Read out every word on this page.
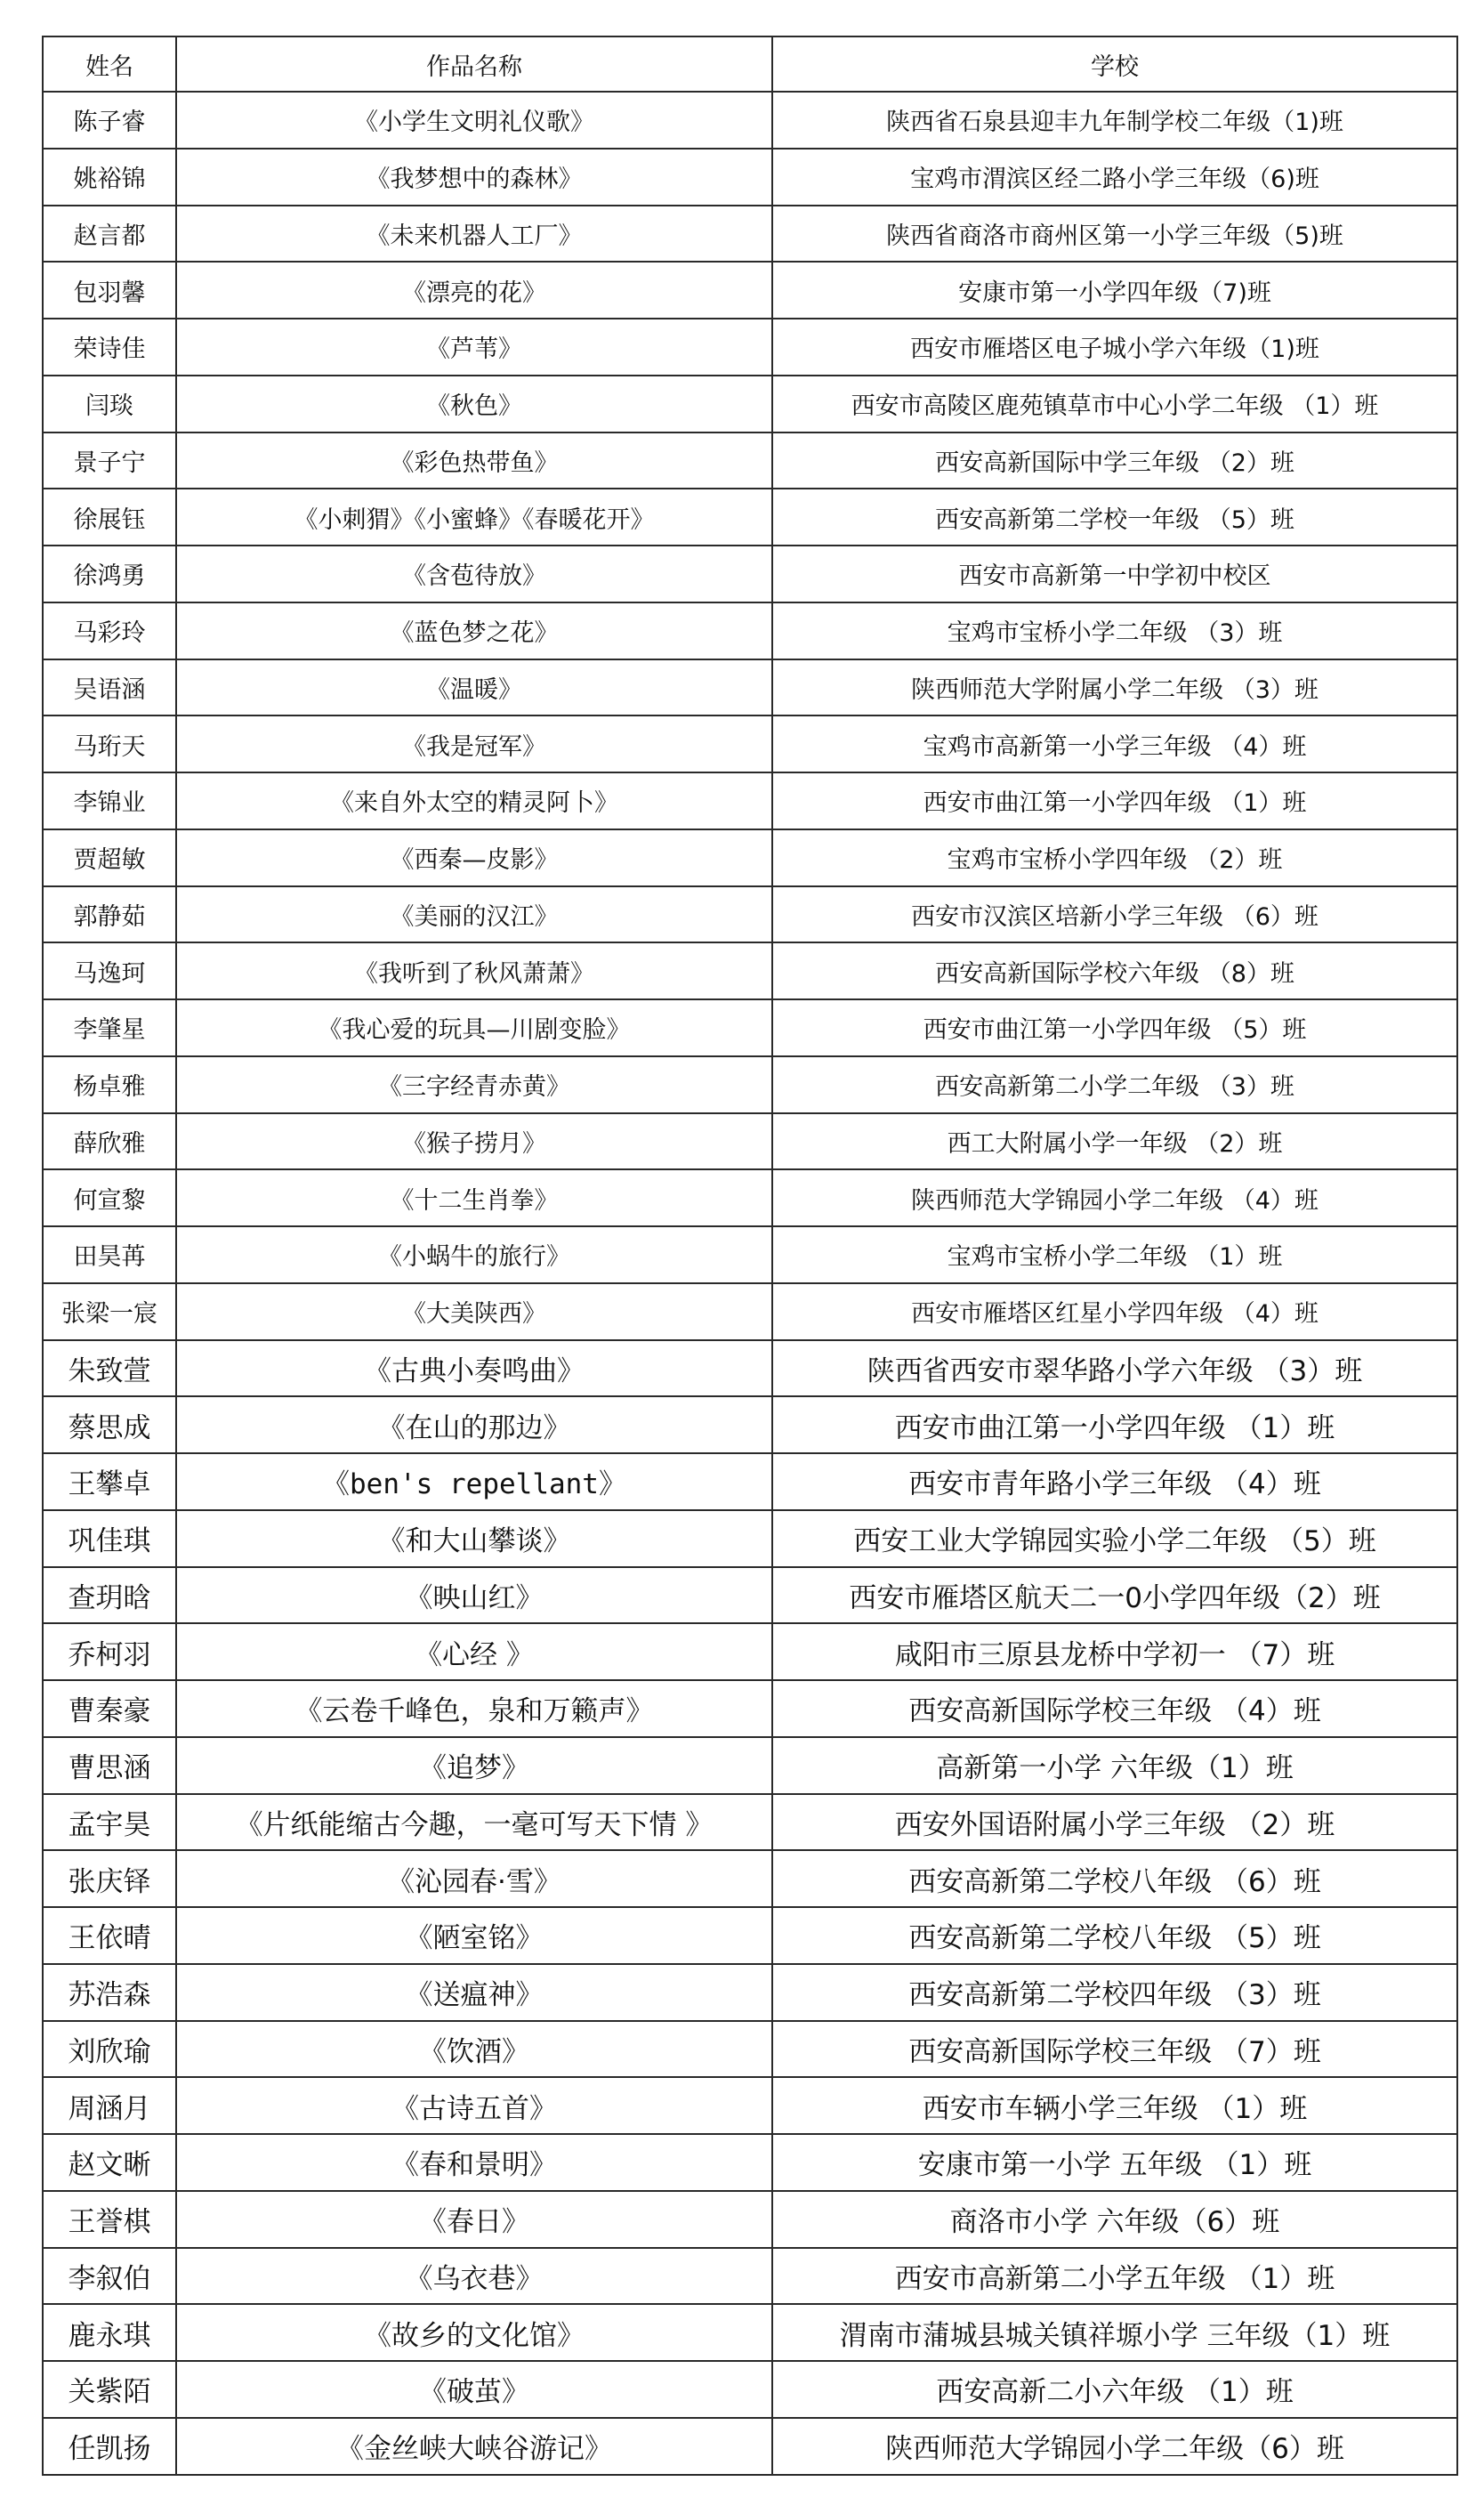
姓名	作品名称	学校
陈子睿	《小学生文明礼仪歌》	陕西省石泉县迎丰九年制学校二年级（1)班
姚裕锦	《我梦想中的森林》	宝鸡市渭滨区经二路小学三年级（6)班
赵言都	《未来机器人工厂》	陕西省商洛市商州区第一小学三年级（5)班
包羽馨	《漂亮的花》	安康市第一小学四年级（7)班
荣诗佳	《芦苇》	西安市雁塔区电子城小学六年级（1)班
闫琰	《秋色》	西安市高陵区鹿苑镇草市中心小学二年级 （1）班
景子宁	《彩色热带鱼》	西安高新国际中学三年级 （2）班
徐展钰	《小刺猬》《小蜜蜂》《春暖花开》	西安高新第二学校一年级 （5）班
徐鸿勇	《含苞待放》	西安市高新第一中学初中校区
马彩玲	《蓝色梦之花》	宝鸡市宝桥小学二年级 （3）班
吴语涵	《温暖》	陕西师范大学附属小学二年级 （3）班
马珩天	《我是冠军》	宝鸡市高新第一小学三年级 （4）班
李锦业	《来自外太空的精灵阿卜》	西安市曲江第一小学四年级 （1）班
贾超敏	《西秦—皮影》	宝鸡市宝桥小学四年级 （2）班
郭静茹	《美丽的汉江》	西安市汉滨区培新小学三年级 （6）班
马逸珂	《我听到了秋风萧萧》	西安高新国际学校六年级 （8）班
李肇星	《我心爱的玩具—川剧变脸》	西安市曲江第一小学四年级 （5）班
杨卓雅	《三字经青赤黄》	西安高新第二小学二年级 （3）班
薛欣雅	《猴子捞月》	西工大附属小学一年级 （2）班
何宣黎	《十二生肖拳》	陕西师范大学锦园小学二年级 （4）班
田昊苒	《小蜗牛的旅行》	宝鸡市宝桥小学二年级 （1）班
张梁一宸	《大美陕西》	西安市雁塔区红星小学四年级 （4）班
朱致萱	《古典小奏鸣曲》	陕西省西安市翠华路小学六年级 （3）班
蔡思成	《在山的那边》	西安市曲江第一小学四年级 （1）班
王攀卓	《ben's repellant》	西安市青年路小学三年级 （4）班
巩佳琪	《和大山攀谈》	西安工业大学锦园实验小学二年级 （5）班
查玥晗	《映山红》	西安市雁塔区航天二一0小学四年级（2）班
乔柯羽	《心经 》	咸阳市三原县龙桥中学初一 （7）班
曹秦豪	《云卷千峰色，泉和万籁声》	西安高新国际学校三年级 （4）班
曹思涵	《追梦》	高新第一小学 六年级（1）班
孟宇昊	《片纸能缩古今趣，一毫可写天下情 》	西安外国语附属小学三年级 （2）班
张庆铎	《沁园春·雪》	西安高新第二学校八年级 （6）班
王依晴	《陋室铭》	西安高新第二学校八年级 （5）班
苏浩森	《送瘟神》	西安高新第二学校四年级 （3）班
刘欣瑜	《饮酒》	西安高新国际学校三年级 （7）班
周涵月	《古诗五首》	西安市车辆小学三年级 （1）班
赵文晰	《春和景明》	安康市第一小学 五年级 （1）班
王誉棋	《春日》	商洛市小学 六年级（6）班
李叙伯	《乌衣巷》	西安市高新第二小学五年级 （1）班
鹿永琪	《故乡的文化馆》	渭南市蒲城县城关镇祥塬小学 三年级（1）班
关紫陌	《破茧》	西安高新二小六年级 （1）班
任凯扬	《金丝峡大峡谷游记》	陕西师范大学锦园小学二年级（6）班
